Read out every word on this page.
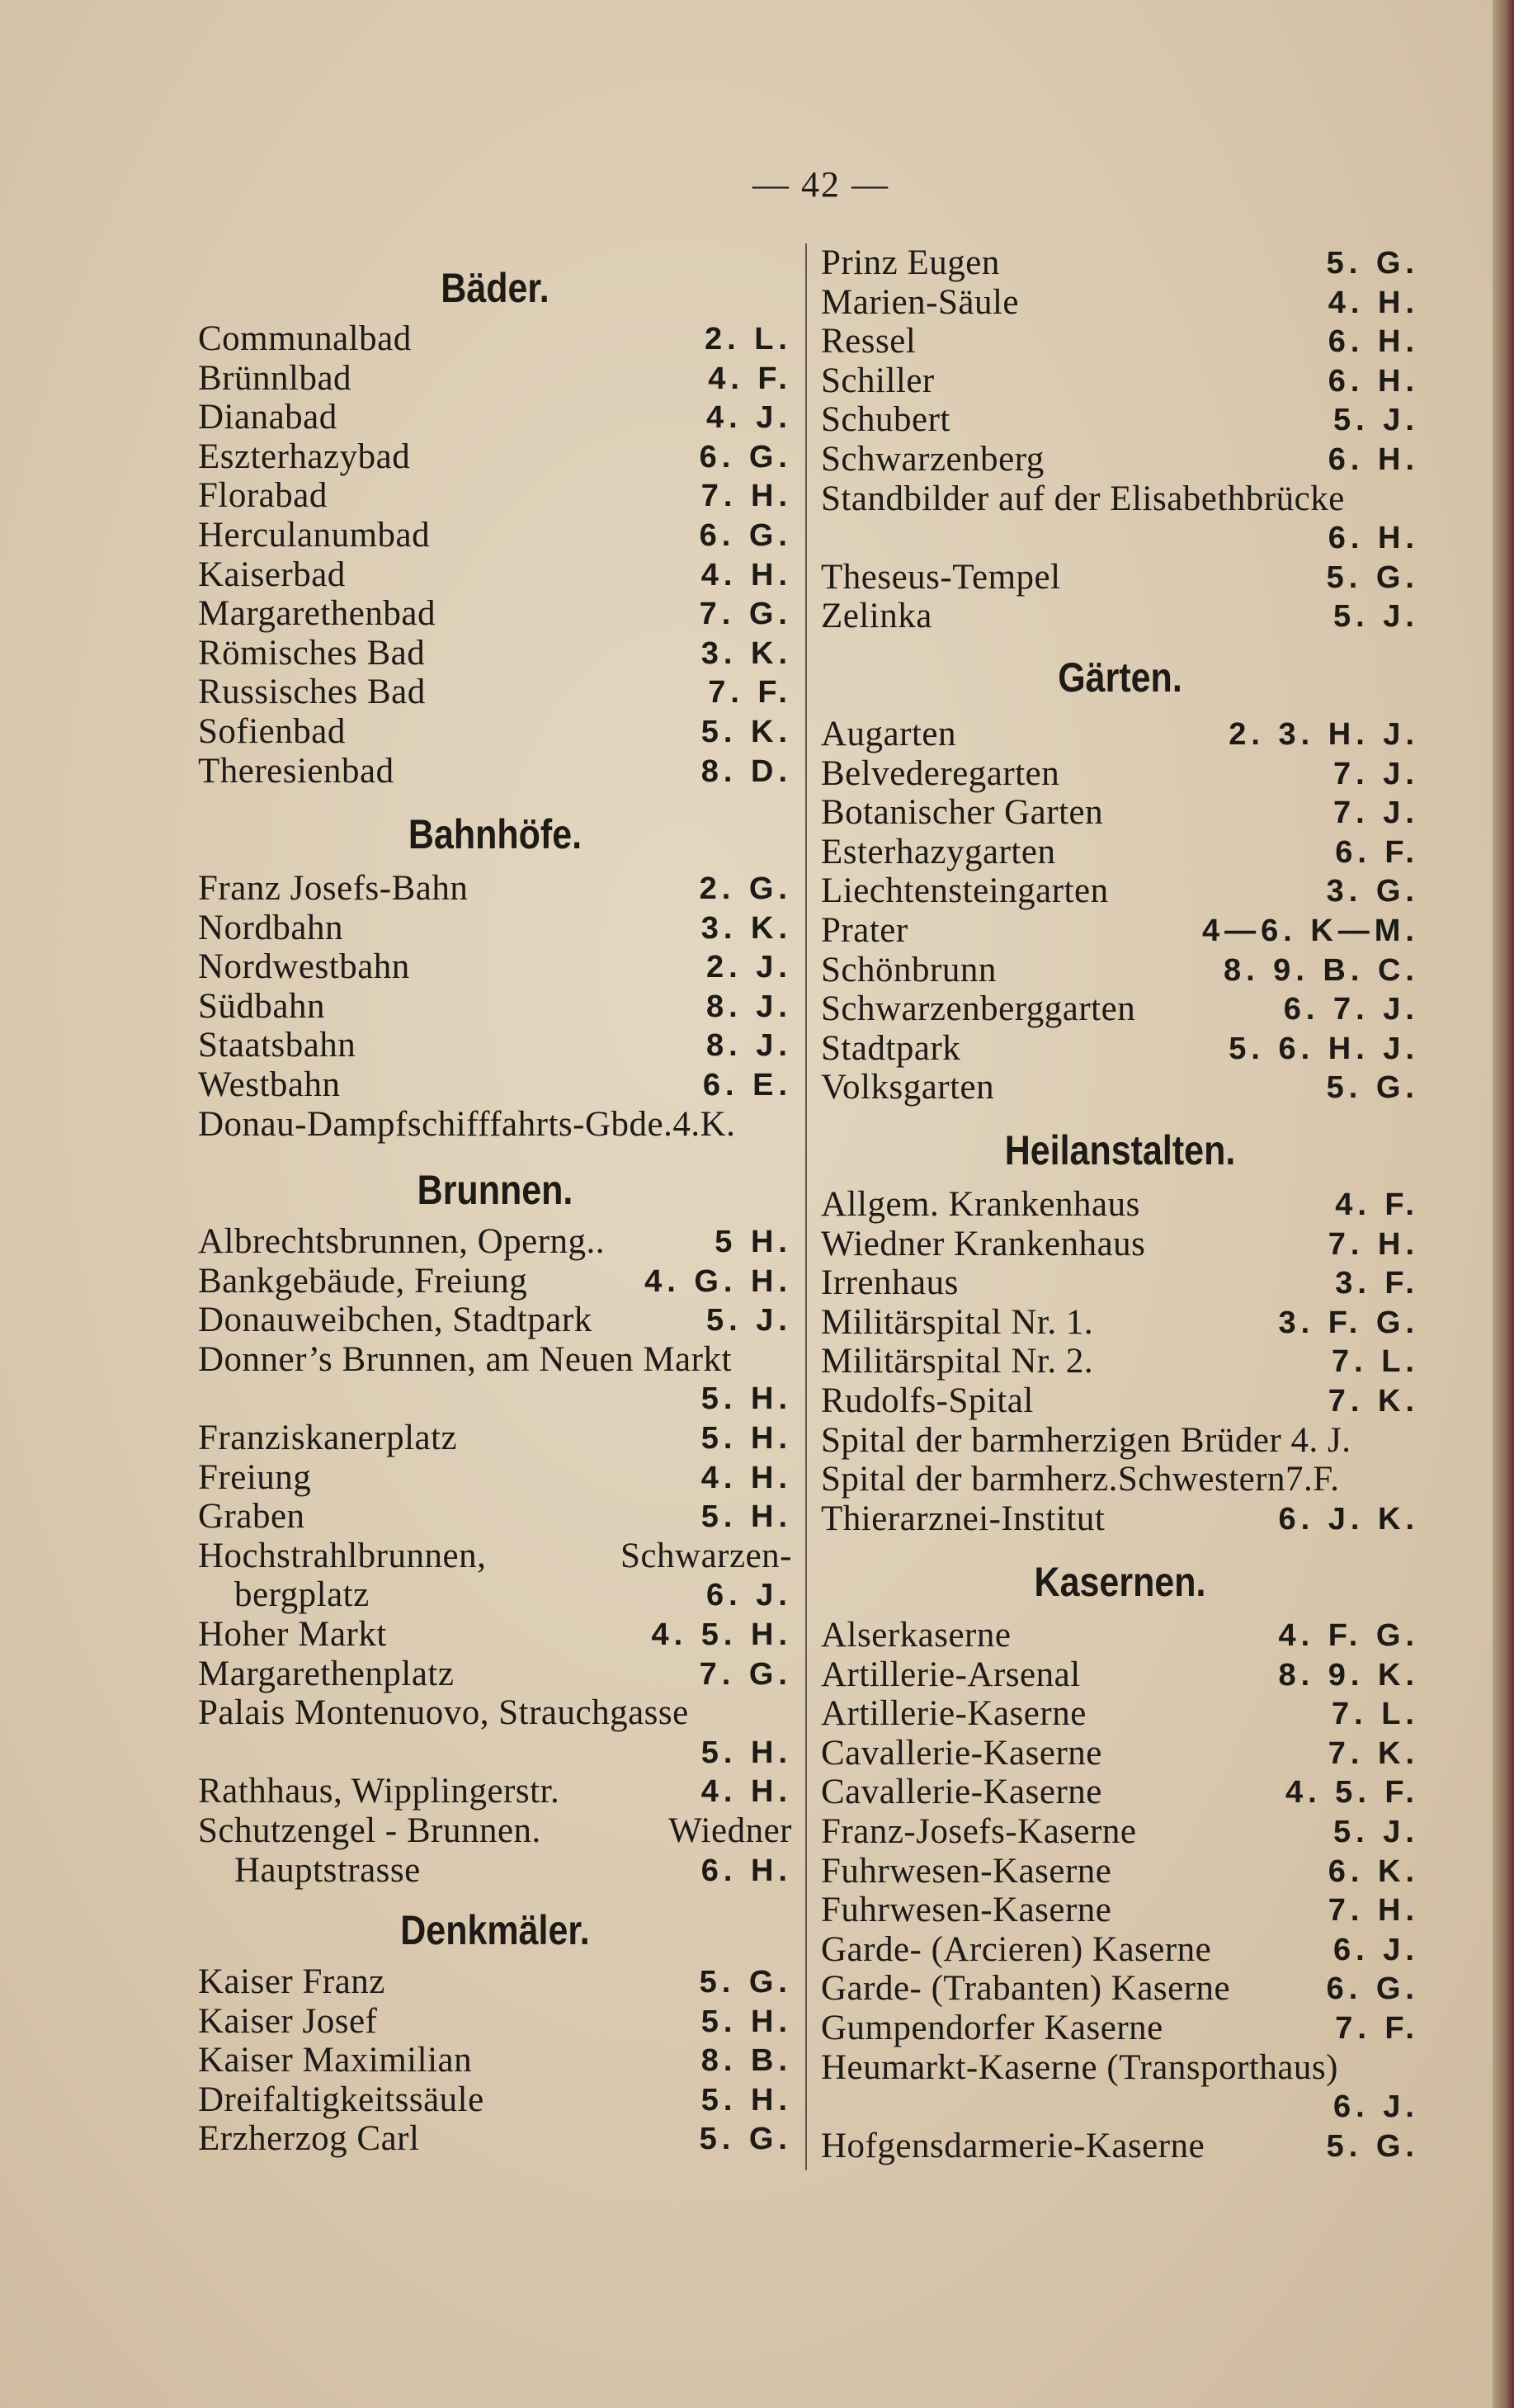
— 42 —
Bäder.
Communalbad	2. L.
Brünnlbad	4. F.
Dianabad	4. J.
Eszterhazybad	6. G.
Florabad	7. H.
Herculanumbad	6. G.
Kaiserbad	4. H.
Margarethenbad	7. G.
Römisches Bad	3. K.
Russisches Bad	7. F.
Sofienbad	5. K.
Theresienbad	8. D.
Bahnhöfe.
Franz Josefs-Bahn	2. G.
Nordbahn	3. K.
Nordwestbahn	2. J.
Südbahn	8. J.
Staatsbahn	8. J.
Westbahn	6. E.
Donau-Dampfschifffahrts-Gbde.4.K.
Brunnen.
Albrechtsbrunnen, Operng..	5 H.
Bankgebäude, Freiung	4. G. H.
Donauweibchen, Stadtpark	5. J.
Donner’s Brunnen, am Neuen Markt
5. H.
Franziskanerplatz	5. H.
Freiung	4. H.
Graben	5. H.
Hochstrahlbrunnen,	Schwarzen-
bergplatz	6. J.
Hoher Markt	4. 5. H.
Margarethenplatz	7. G.
Palais Montenuovo, Strauchgasse
5. H.
Rathhaus, Wipplingerstr.	4. H.
Schutzengel - Brunnen.	Wiedner
Hauptstrasse	6. H.
Denkmäler.
Kaiser Franz	5. G.
Kaiser Josef	5. H.
Kaiser Maximilian	8. B.
Dreifaltigkeitssäule	5. H.
Erzherzog Carl	5. G.
Prinz Eugen	5. G.
Marien-Säule	4. H.
Ressel	6. H.
Schiller	6. H.
Schubert	5. J.
Schwarzenberg	6. H.
Standbilder auf der Elisabethbrücke
6. H.
Theseus-Tempel	5. G.
Zelinka	5. J.
Gärten.
Augarten	2. 3. H. J.
Belvederegarten	7. J.
Botanischer Garten	7. J.
Esterhazygarten	6. F.
Liechtensteingarten	3. G.
Prater	4—6. K—M.
Schönbrunn	8. 9. B. C.
Schwarzenberggarten	6. 7. J.
Stadtpark	5. 6. H. J.
Volksgarten	5. G.
Heilanstalten.
Allgem. Krankenhaus	4. F.
Wiedner Krankenhaus	7. H.
Irrenhaus	3. F.
Militärspital Nr. 1.	3. F. G.
Militärspital Nr. 2.	7. L.
Rudolfs-Spital	7. K.
Spital der barmherzigen Brüder 4. J.
Spital der barmherz.Schwestern7.F.
Thierarznei-Institut	6. J. K.
Kasernen.
Alserkaserne	4. F. G.
Artillerie-Arsenal	8. 9. K.
Artillerie-Kaserne	7. L.
Cavallerie-Kaserne	7. K.
Cavallerie-Kaserne	4. 5. F.
Franz-Josefs-Kaserne	5. J.
Fuhrwesen-Kaserne	6. K.
Fuhrwesen-Kaserne	7. H.
Garde- (Arcieren) Kaserne	6. J.
Garde- (Trabanten) Kaserne	6. G.
Gumpendorfer Kaserne	7. F.
Heumarkt-Kaserne (Transporthaus)
6. J.
Hofgensdarmerie-Kaserne	5. G.
